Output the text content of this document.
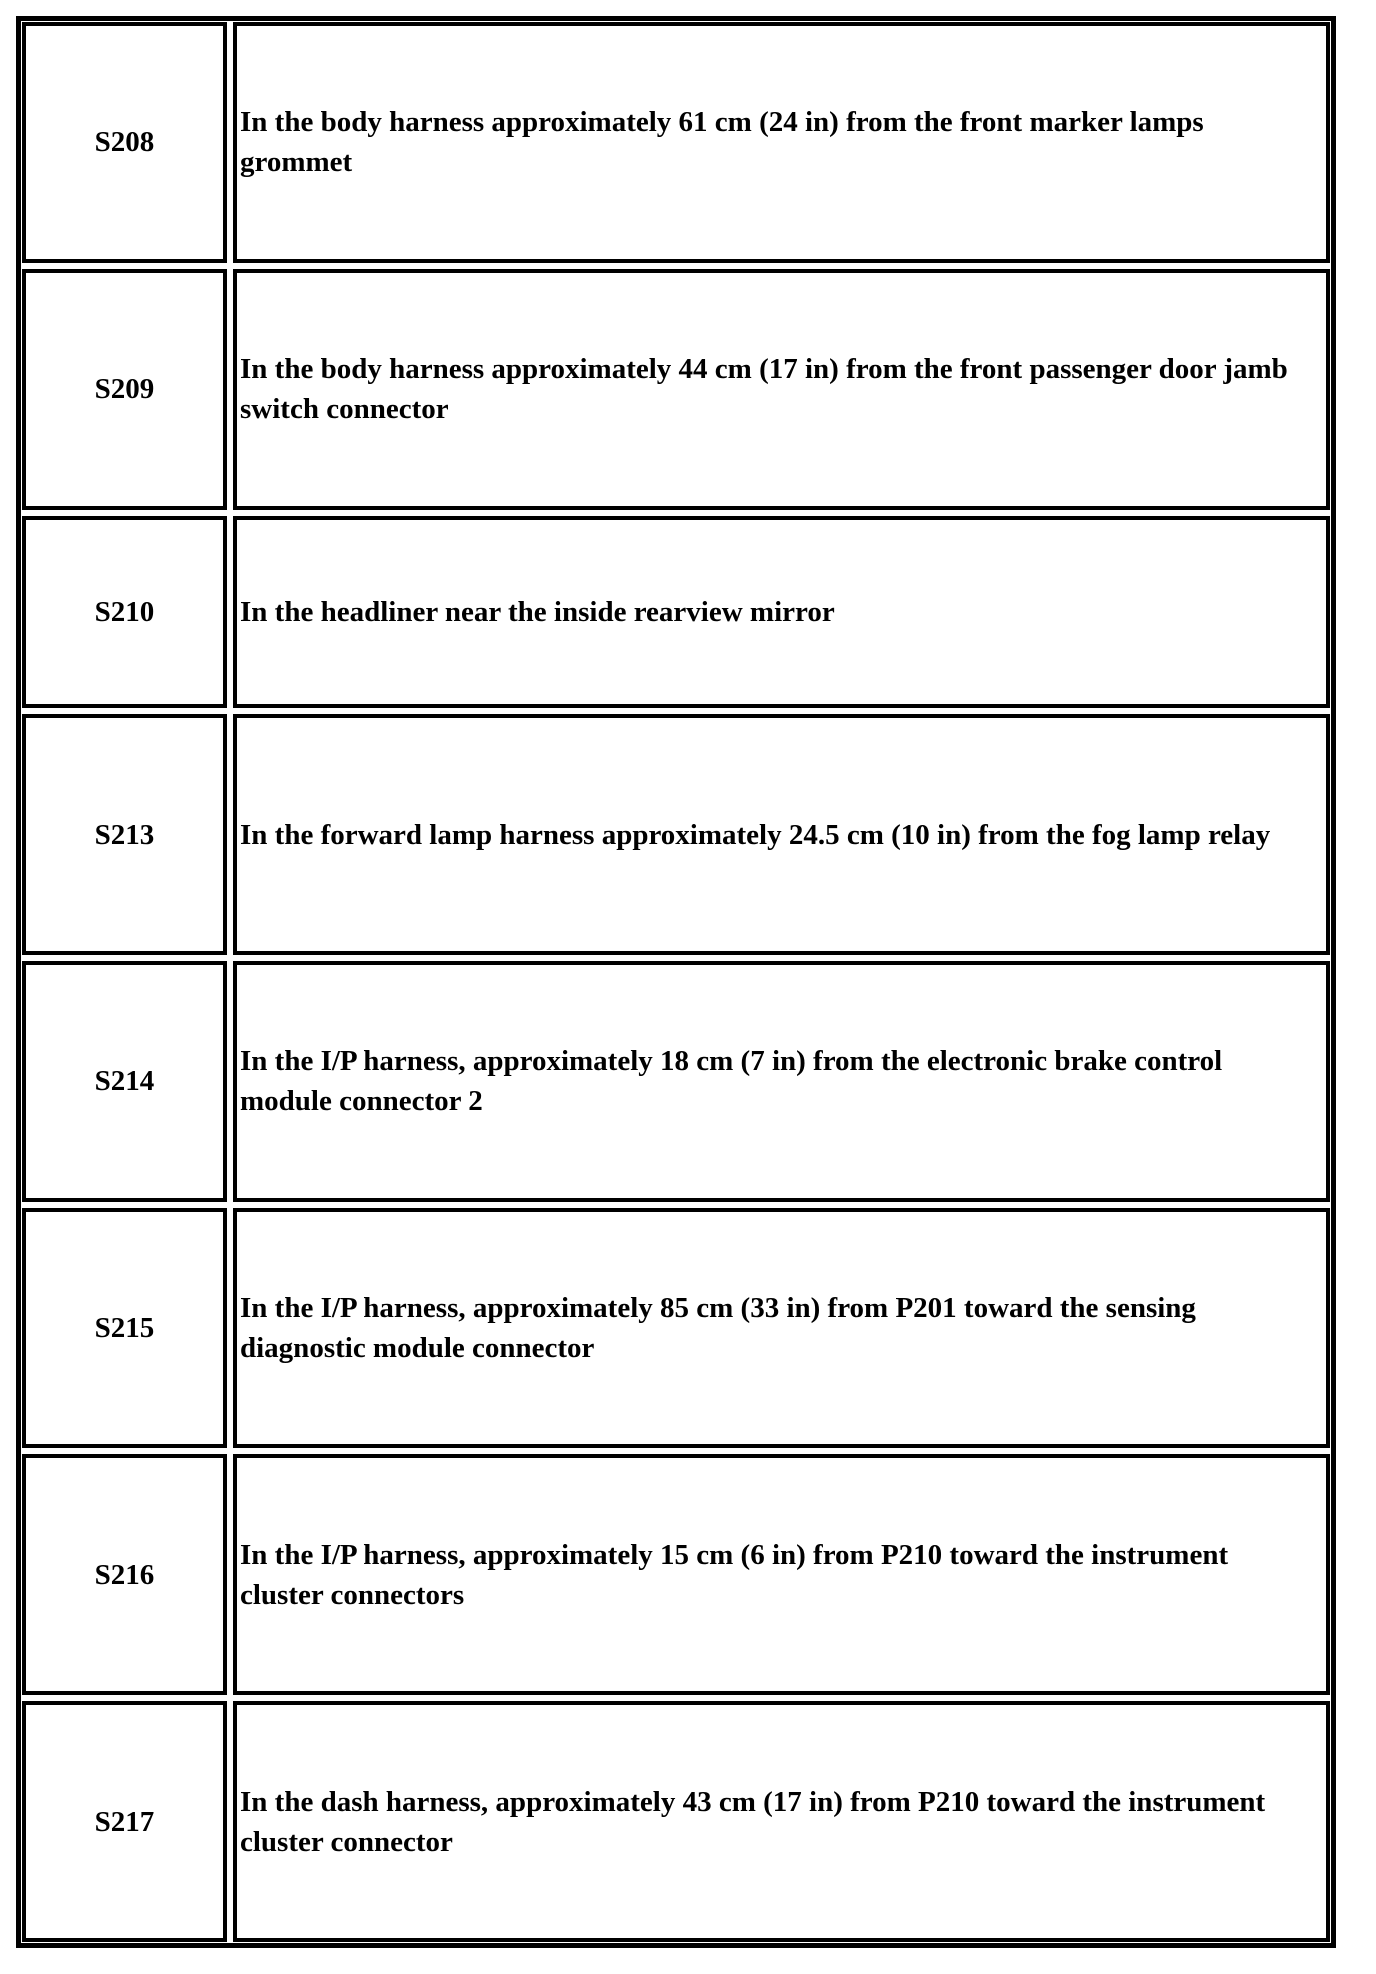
S208
In the body harness approximately 61 cm (24 in) from the front marker lamps grommet
S209
In the body harness approximately 44 cm (17 in) from the front passenger door jamb switch connector
S210	In the headliner near the inside rearview mirror
S213	In the forward lamp harness approximately 24.5 cm (10 in) from the fog lamp relay
S214
In the I/P harness, approximately 18 cm (7 in) from the electronic brake control module connector 2
S215
In the I/P harness, approximately 85 cm (33 in) from P201 toward the sensing diagnostic module connector
S216
In the I/P harness, approximately 15 cm (6 in) from P210 toward the instrument cluster connectors
S217
In the dash harness, approximately 43 cm (17 in) from P210 toward the instrument cluster connector
